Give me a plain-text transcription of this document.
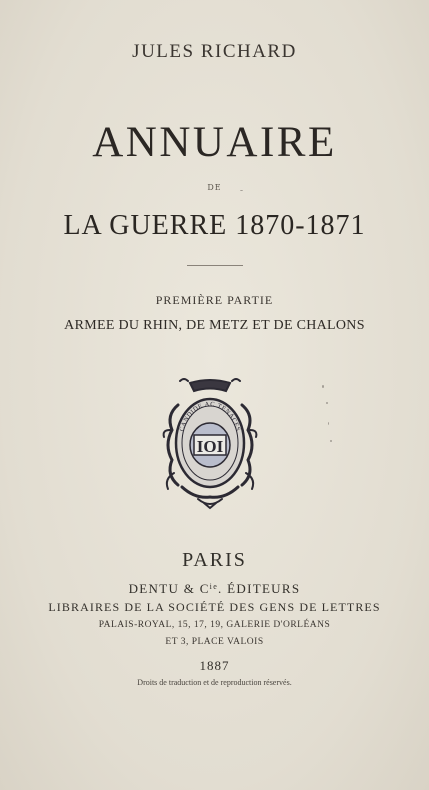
JULES RICHARD
ANNUAIRE
DE
LA GUERRE 1870-1871
PREMIÈRE PARTIE
ARMEE DU RHIN, DE METZ ET DE CHALONS
CANDIDE AC TENACES
IOI
PARIS
DENTU & $C^{ie}$. ÉDITEURS
LIBRAIRES DE LA SOCIÉTÉ DES GENS DE LETTRES
PALAIS-ROYAL, 15, 17, 19, GALERIE D'ORLÉANS
ET 3, PLACE VALOIS
1887
Droits de traduction et de reproduction réservés.
